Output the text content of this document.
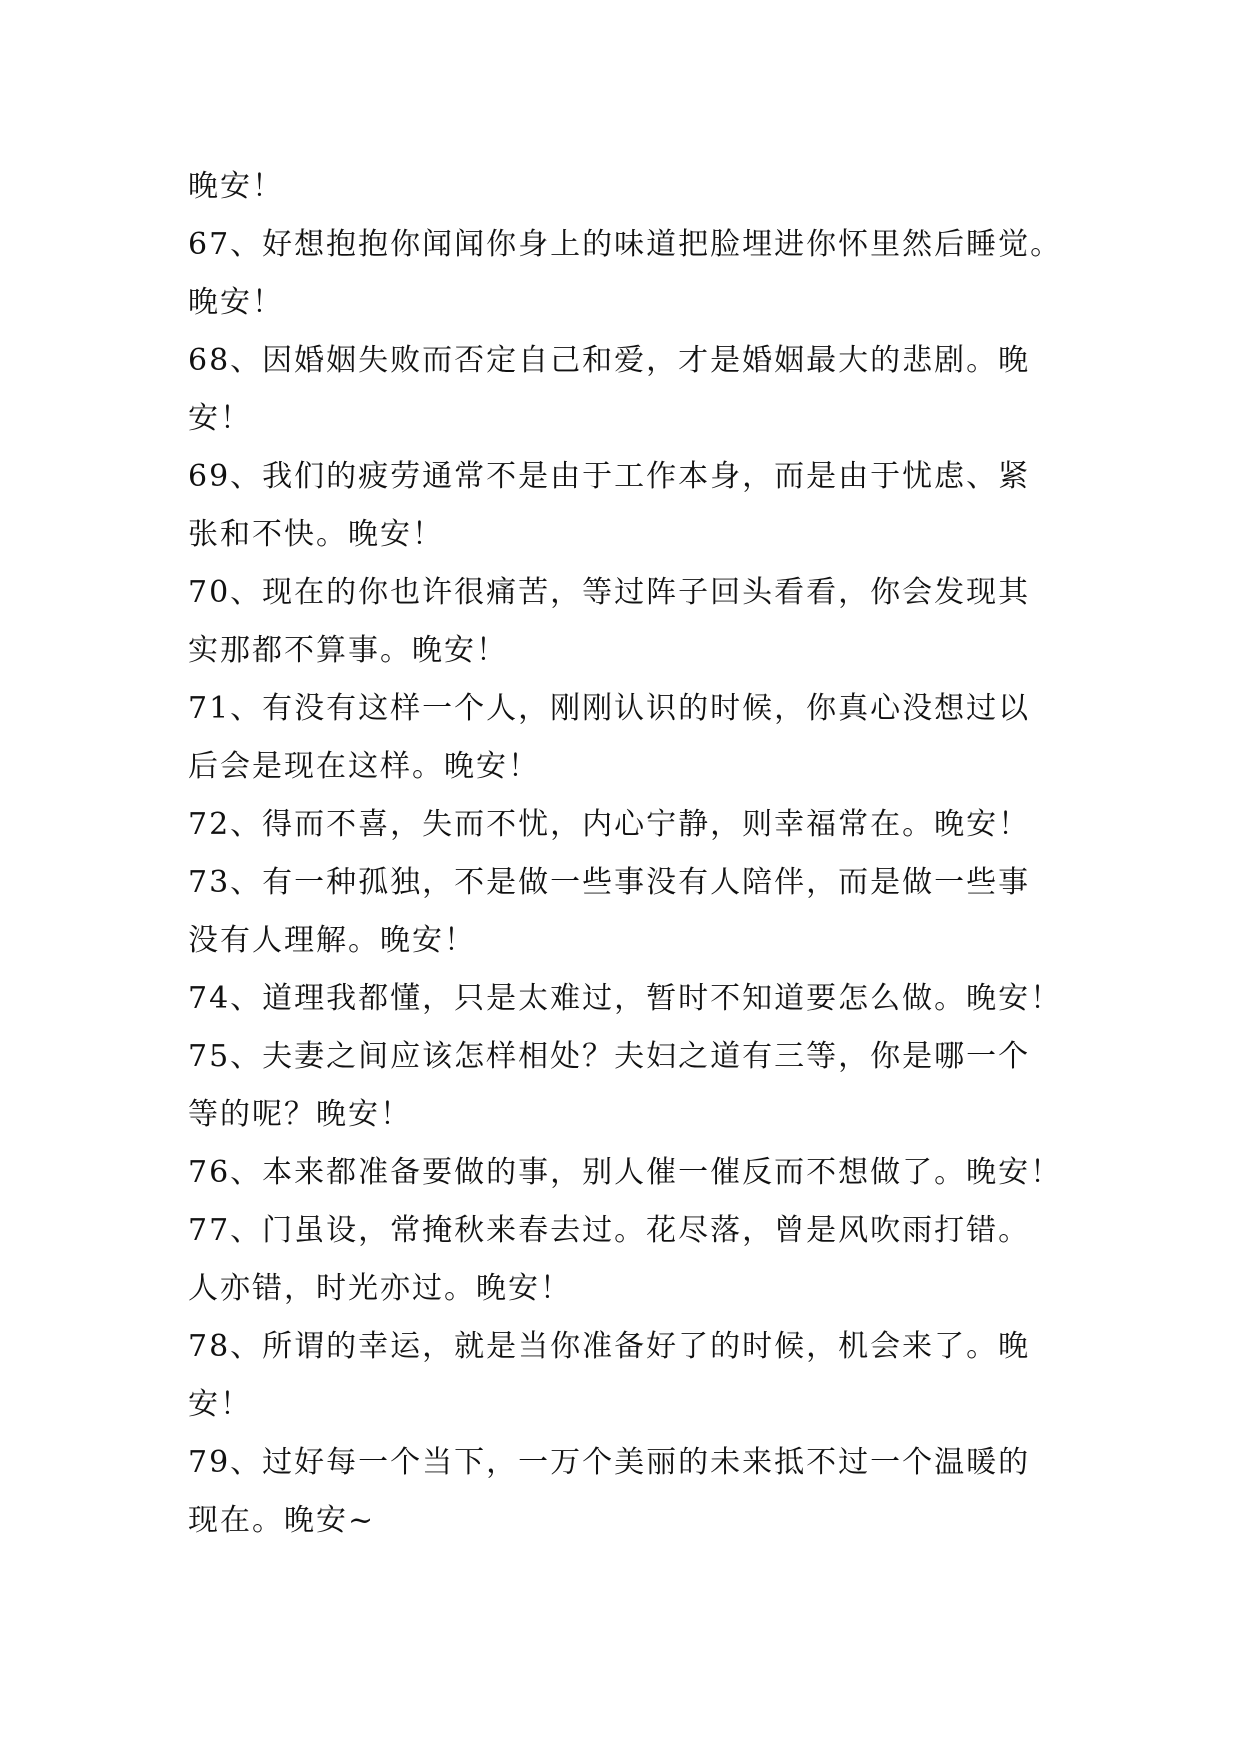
晚安！
67、好想抱抱你闻闻你身上的味道把脸埋进你怀里然后睡觉。
晚安！
68、因婚姻失败而否定自己和爱，才是婚姻最大的悲剧。晚
安！
69、我们的疲劳通常不是由于工作本身，而是由于忧虑、紧
张和不快。晚安！
70、现在的你也许很痛苦，等过阵子回头看看，你会发现其
实那都不算事。晚安！
71、有没有这样一个人，刚刚认识的时候，你真心没想过以
后会是现在这样。晚安！
72、得而不喜，失而不忧，内心宁静，则幸福常在。晚安！
73、有一种孤独，不是做一些事没有人陪伴，而是做一些事
没有人理解。晚安！
74、道理我都懂，只是太难过，暂时不知道要怎么做。晚安！
75、夫妻之间应该怎样相处？夫妇之道有三等，你是哪一个
等的呢？晚安！
76、本来都准备要做的事，别人催一催反而不想做了。晚安！
77、门虽设，常掩秋来春去过。花尽落，曾是风吹雨打错。
人亦错，时光亦过。晚安！
78、所谓的幸运，就是当你准备好了的时候，机会来了。晚
安！
79、过好每一个当下，一万个美丽的未来抵不过一个温暖的
现在。晚安~
